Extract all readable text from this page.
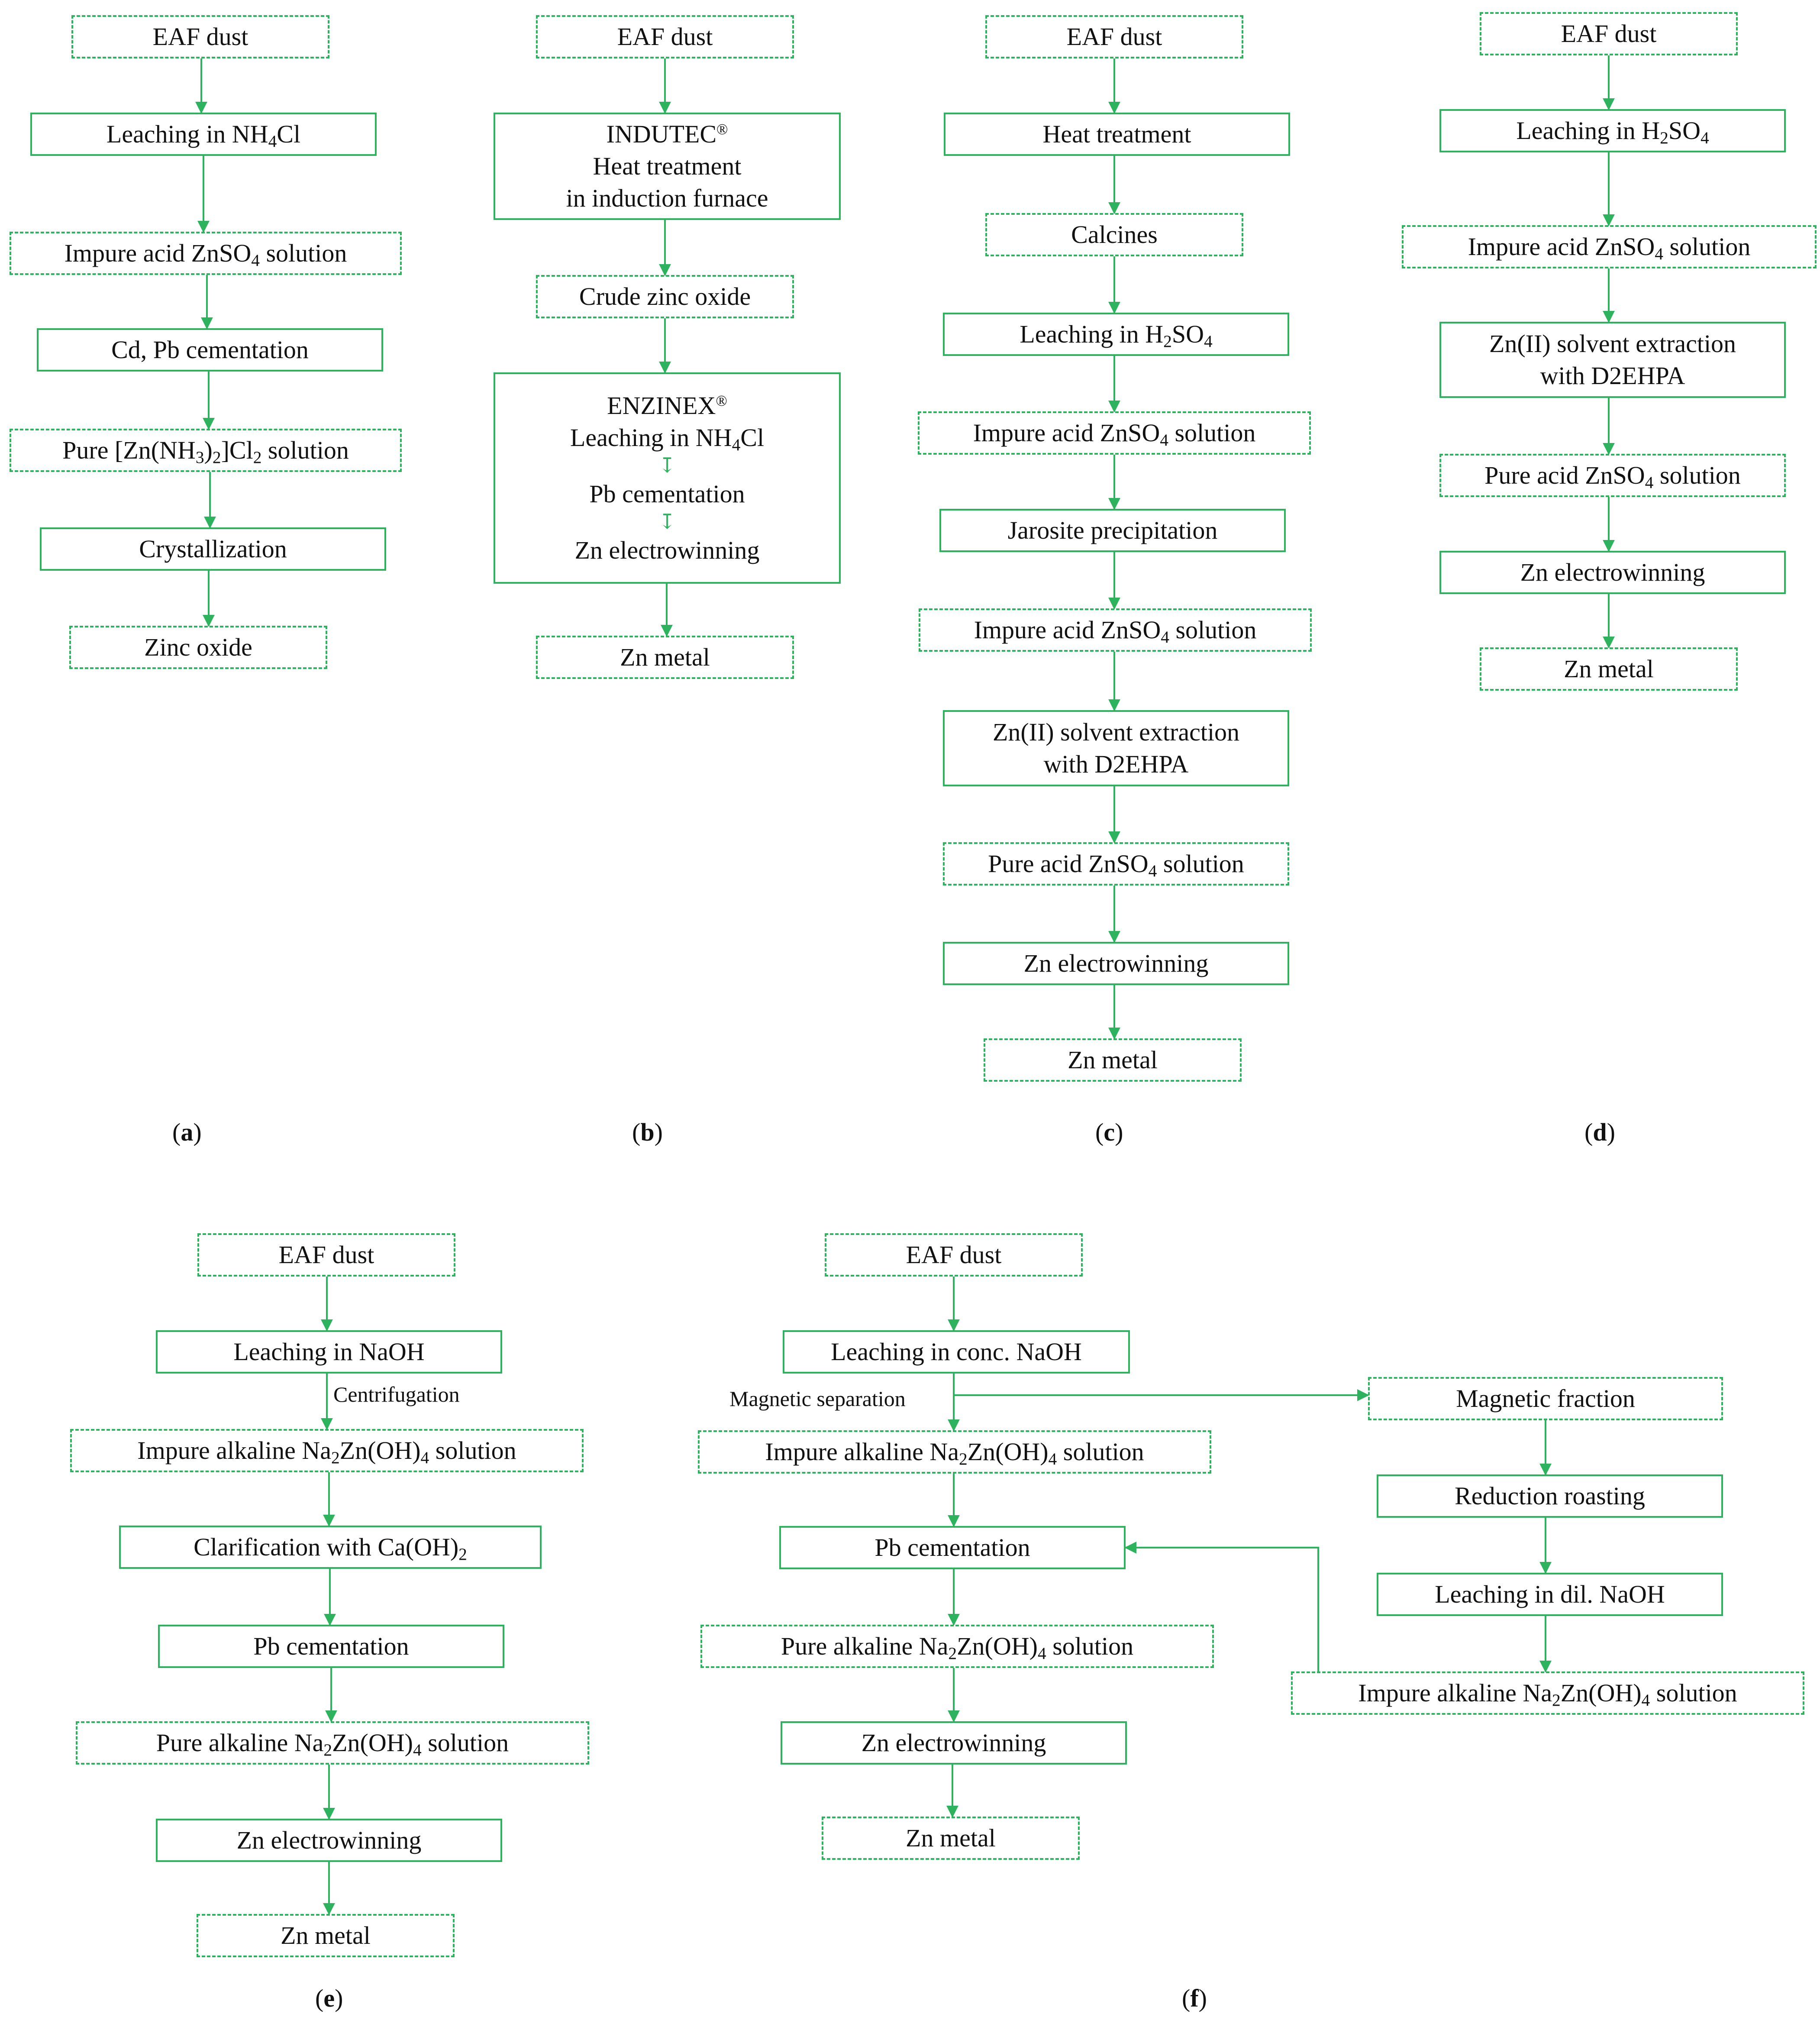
EAF dust
Leaching in $NH_4Cl$
Impure acid ZnSO$_4$ solution
Cd, Pb cementation
Pure $[Zn(NH_3)_2]Cl_2$ solution
Crystallization
Zinc oxide
EAF dust
INDUTEC®
Heat treatment
in induction furnace
Crude zinc oxide
ENZINEX®
Leaching in $NH_4Cl$
↧
Pb cementation
↧
Zn electrowinning
Zn metal
EAF dust
Heat treatment
Calcines
Leaching in $H_2SO_4$
Impure acid ZnSO$_4$ solution
Jarosite precipitation
Impure acid ZnSO$_4$ solution
Zn(II) solvent extraction
with D2EHPA
Pure acid ZnSO$_4$ solution
Zn electrowinning
Zn metal
EAF dust
Leaching in $H_2SO_4$
Impure acid ZnSO$_4$ solution
Zn(II) solvent extraction
with D2EHPA
Pure acid ZnSO$_4$ solution
Zn electrowinning
Zn metal
EAF dust
Leaching in NaOH
Impure alkaline $Na_2Zn(OH)_4$ solution
Clarification with $Ca(OH)_2$
Pb cementation
Pure alkaline $Na_2Zn(OH)_4$ solution
Zn electrowinning
Zn metal
EAF dust
Leaching in conc. NaOH
Impure alkaline $Na_2Zn(OH)_4$ solution
Pb cementation
Pure alkaline $Na_2Zn(OH)_4$ solution
Zn electrowinning
Zn metal
Magnetic fraction
Reduction roasting
Leaching in dil. NaOH
Impure alkaline $Na_2Zn(OH)_4$ solution
Centrifugation	Magnetic separation
(a)	(b)	(c)	(d)
(e)	(f)
